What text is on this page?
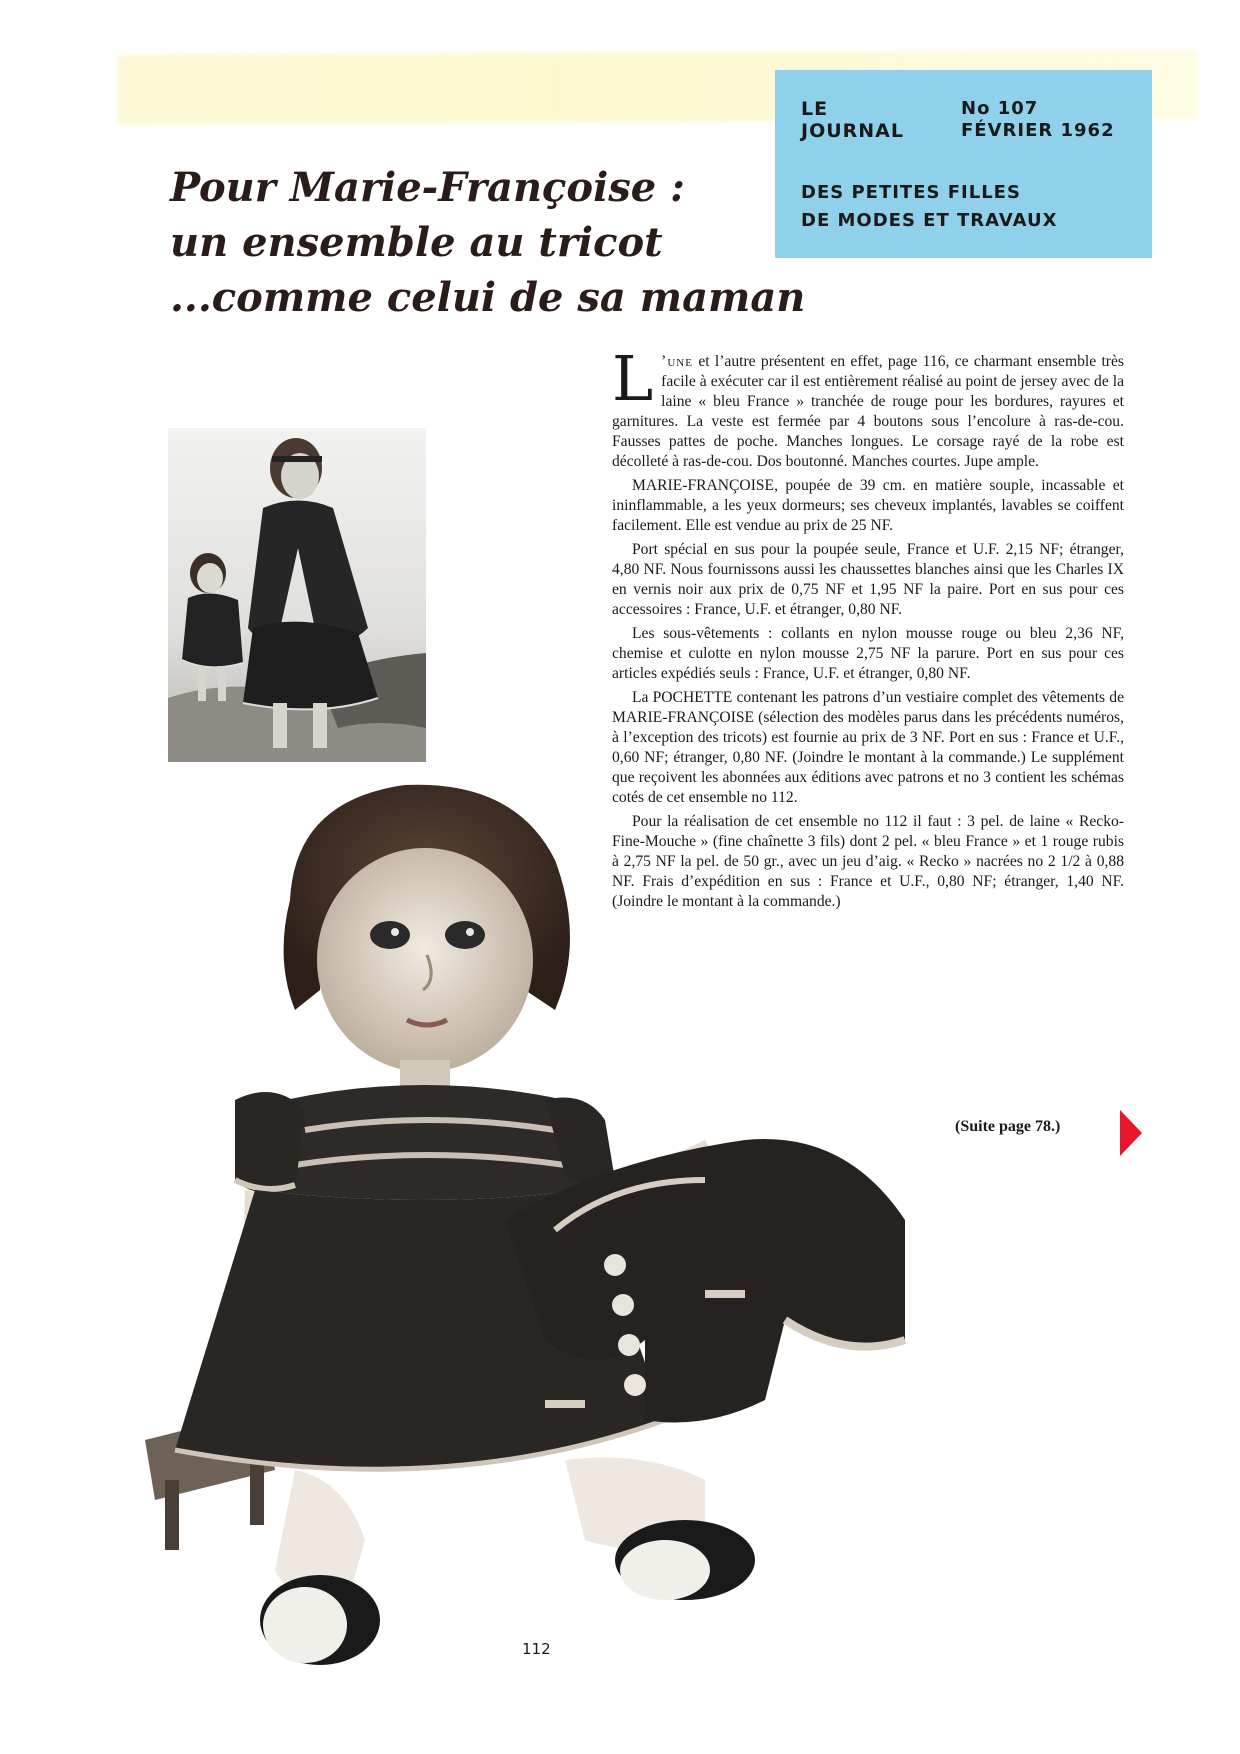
LE
JOURNAL
No 107
FÉVRIER 1962
DES PETITES FILLES
DE MODES ET TRAVAUX
Pour Marie-Françoise :
un ensemble au tricot
...comme celui de sa maman

L ’une et l’autre présentent en effet, page 116, ce charmant ensemble très facile à exécuter car il est entièrement réalisé au point de jersey avec de la laine « bleu France » tranchée de rouge pour les bordures, rayures et garnitures. La veste est fermée par 4 boutons sous l’encolure à ras-de-cou. Fausses pattes de poche. Manches longues. Le corsage rayé de la robe est décolleté à ras-de-cou. Dos boutonné. Manches courtes. Jupe ample.

MARIE-FRANÇOISE, poupée de 39 cm. en matière souple, incassable et ininflammable, a les yeux dormeurs; ses cheveux implantés, lavables se coiffent facilement. Elle est vendue au prix de 25 NF.

Port spécial en sus pour la poupée seule, France et U.F. 2,15 NF; étranger, 4,80 NF. Nous fournissons aussi les chaussettes blanches ainsi que les Charles IX en vernis noir aux prix de 0,75 NF et 1,95 NF la paire. Port en sus pour ces accessoires : France, U.F. et étranger, 0,80 NF.

Les sous-vêtements : collants en nylon mousse rouge ou bleu 2,36 NF, chemise et culotte en nylon mousse 2,75 NF la parure. Port en sus pour ces articles expédiés seuls : France, U.F. et étranger, 0,80 NF.

La POCHETTE contenant les patrons d’un vestiaire complet des vêtements de MARIE-FRANÇOISE (sélection des modèles parus dans les précédents numéros, à l’exception des tricots) est fournie au prix de 3 NF. Port en sus : France et U.F., 0,60 NF; étranger, 0,80 NF. (Joindre le montant à la commande.) Le supplément que reçoivent les abonnées aux éditions avec patrons et no 3 contient les schémas cotés de cet ensemble no 112.

Pour la réalisation de cet ensemble no 112 il faut : 3 pel. de laine « Recko-Fine-Mouche » (fine chaînette 3 fils) dont 2 pel. « bleu France » et 1 rouge rubis à 2,75 NF la pel. de 50 gr., avec un jeu d’aig. « Recko » nacrées no 2 1/2 à 0,88 NF. Frais d’expédition en sus : France et U.F., 0,80 NF; étranger, 1,40 NF. (Joindre le montant à la commande.)

(Suite page 78.)
112
